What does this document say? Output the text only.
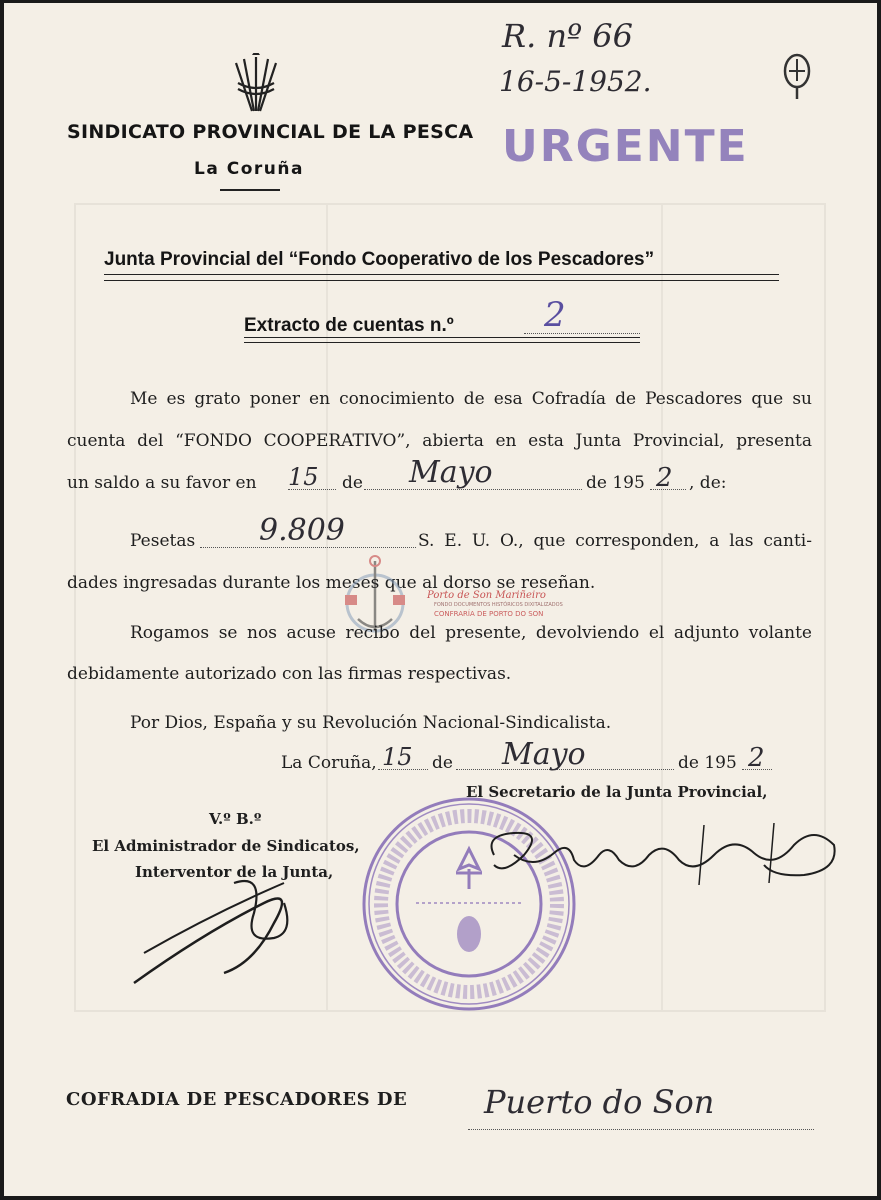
R. nº 66
16-5-1952.
SINDICATO PROVINCIAL DE LA PESCA
La Coruña	URGENTE
Junta Provincial del “Fondo Cooperativo de los Pescadores”
Extracto de cuentas n.º	2
Me es grato poner en conocimiento de esa Cofradía de Pescadores que su
cuenta del “FONDO COOPERATIVO”, abierta en esta Junta Provincial, presenta
un saldo a su favor en 15 de Mayo	de 195 2 , de:
Pesetas 9.809	S. E. U. O., que corresponden, a las canti-
dades ingresadas durante los meses que al dorso se reseñan.
Porto de Son Mariñeiro
FONDO DOCUMENTOS HISTÓRICOS DIXITALIZADOS
CONFRARÍA DE PORTO DO SON
Rogamos se nos acuse recibo del presente, devolviendo el adjunto volante
debidamente autorizado con las firmas respectivas.
Por Dios, España y su Revolución Nacional-Sindicalista.
La Coruña, 15 de Mayo	de 195 2
El Secretario de la Junta Provincial,
V.º B.º
El Administrador de Sindicatos,
Interventor de la Junta,
COFRADIA DE PESCADORES DE Puerto do Son
